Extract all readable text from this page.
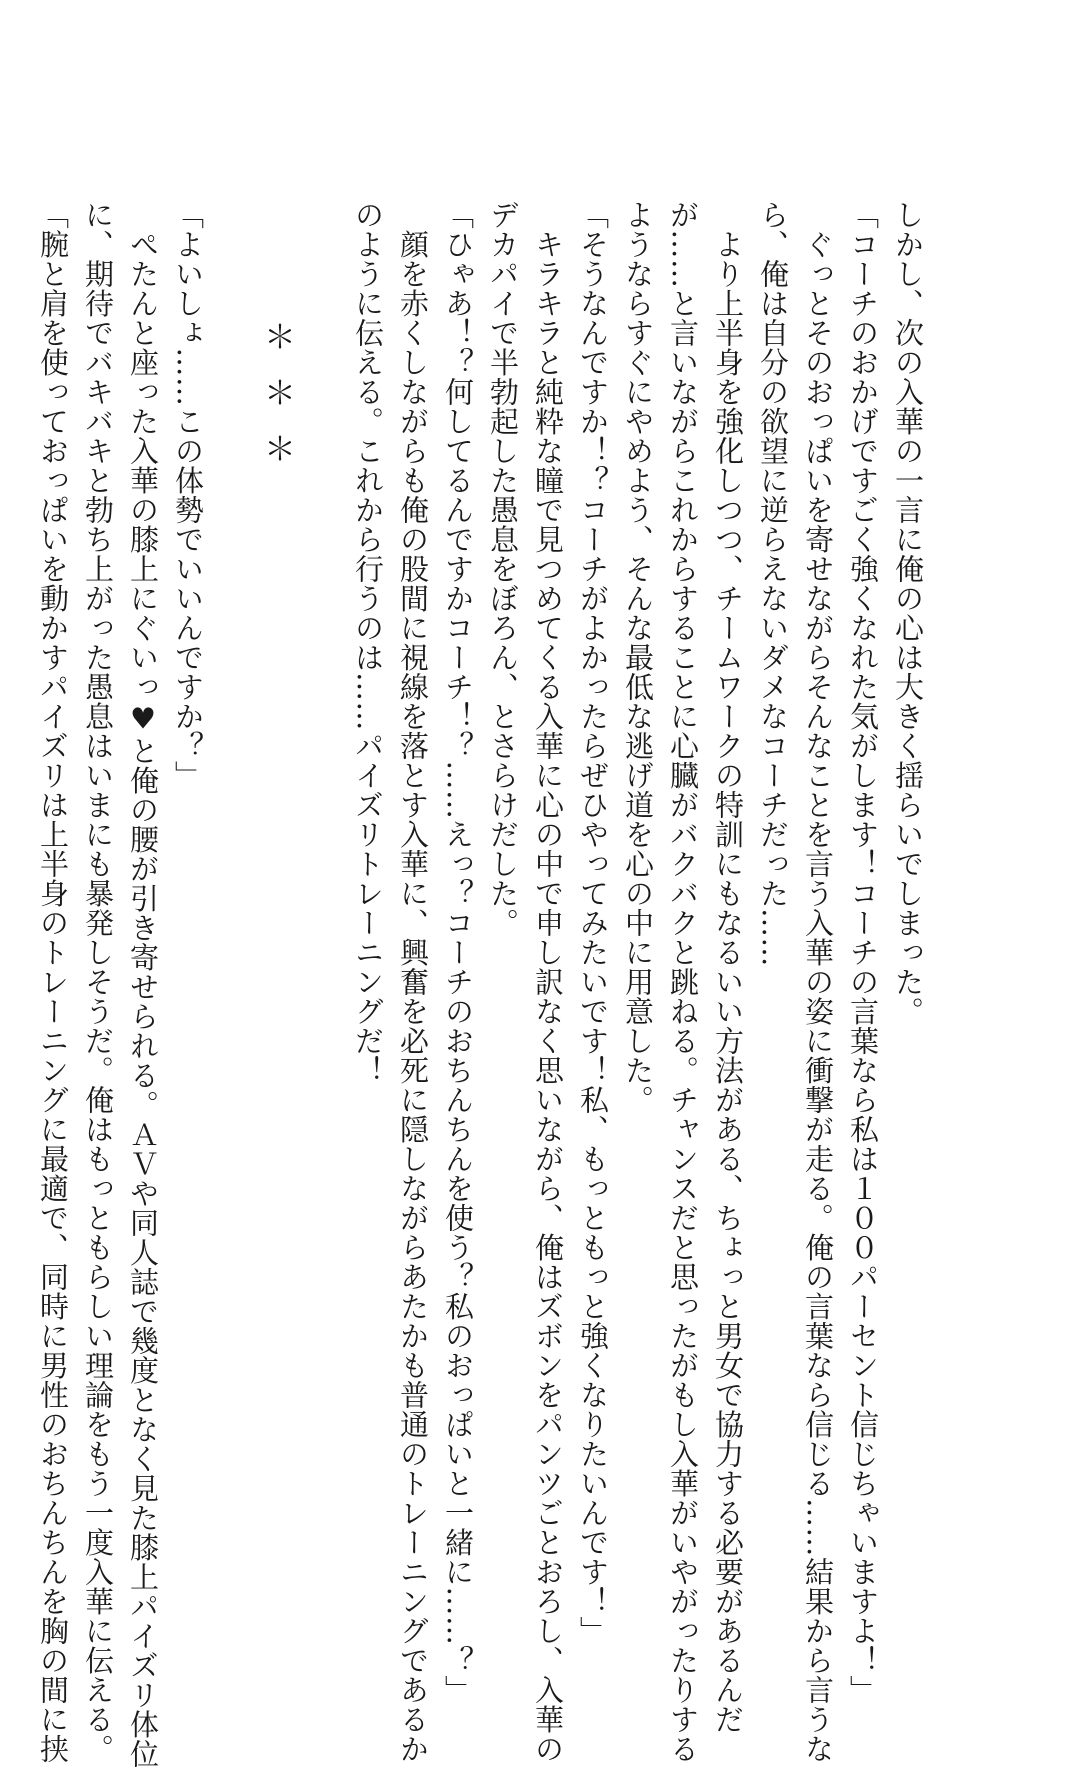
しかし、次の入華の一言に俺の心は大きく揺らいでしまった。
「コーチのおかげですごく強くなれた気がします！コーチの言葉なら私は１００パーセント信じちゃいますよ！」
　ぐっとそのおっぱいを寄せながらそんなことを言う入華の姿に衝撃が走る。俺の言葉なら信じる……結果から言うな
ら、俺は自分の欲望に逆らえないダメなコーチだった……
　より上半身を強化しつつ、チームワークの特訓にもなるいい方法がある、ちょっと男女で協力する必要があるんだ
が……と言いながらこれからすることに心臓がバクバクと跳ねる。チャンスだと思ったがもし入華がいやがったりする
ようならすぐにやめよう、そんな最低な逃げ道を心の中に用意した。
「そうなんですか！？コーチがよかったらぜひやってみたいです！私、もっともっと強くなりたいんです！」
　キラキラと純粋な瞳で見つめてくる入華に心の中で申し訳なく思いながら、俺はズボンをパンツごとおろし、入華の
デカパイで半勃起した愚息をぼろん、とさらけだした。
「ひゃあ！？何してるんですかコーチ！？……えっ？コーチのおちんちんを使う？私のおっぱいと一緒に……？」
　顔を赤くしながらも俺の股間に視線を落とす入華に、興奮を必死に隠しながらあたかも普通のトレーニングであるか
のように伝える。これから行うのは……パイズリトレーニングだ！
＊＊＊
「よいしょ……この体勢でいいんですか？」
　ぺたんと座った入華の膝上にぐいっ♥と俺の腰が引き寄せられる。ＡＶや同人誌で幾度となく見た膝上パイズリ体位
に、期待でバキバキと勃ち上がった愚息はいまにも暴発しそうだ。俺はもっともらしい理論をもう一度入華に伝える。
「腕と肩を使っておっぱいを動かすパイズリは上半身のトレーニングに最適で、同時に男性のおちんちんを胸の間に挟
